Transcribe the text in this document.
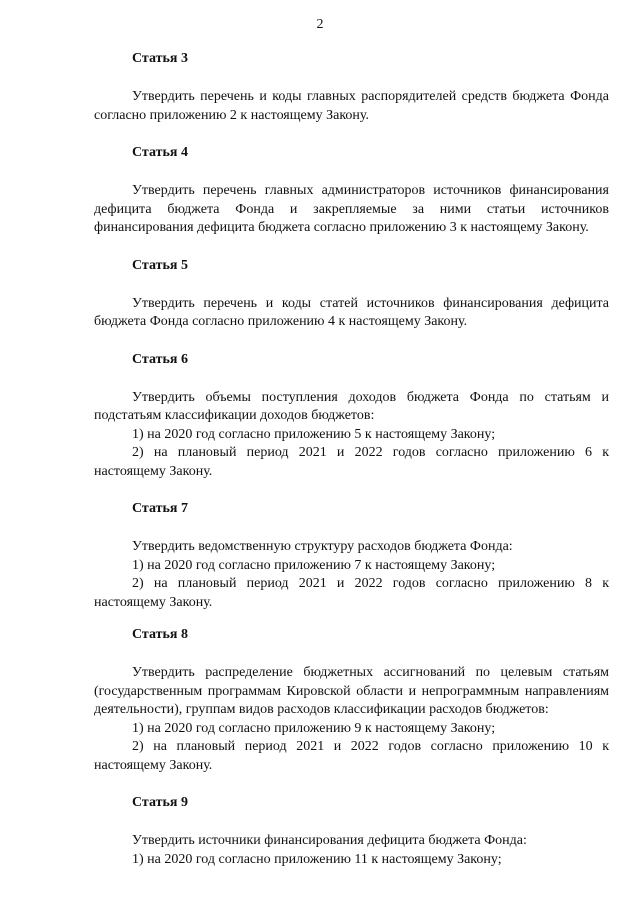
2
Статья 3

Утвердить перечень и коды главных распорядителей средств бюджета Фонда согласно приложению 2 к настоящему Закону.

Статья 4

Утвердить перечень главных администраторов источников финансирования дефицита бюджета Фонда и закрепляемые за ними статьи источников финансирования дефицита бюджета согласно приложению 3 к настоящему Закону.

Статья 5

Утвердить перечень и коды статей источников финансирования дефицита бюджета Фонда согласно приложению 4 к настоящему Закону.

Статья 6

Утвердить объемы поступления доходов бюджета Фонда по статьям и подстатьям классификации доходов бюджетов:

1) на 2020 год согласно приложению 5 к настоящему Закону;

2) на плановый период 2021 и 2022 годов согласно приложению 6 к настоящему Закону.

Статья 7

Утвердить ведомственную структуру расходов бюджета Фонда:

1) на 2020 год согласно приложению 7 к настоящему Закону;

2) на плановый период 2021 и 2022 годов согласно приложению 8 к настоящему Закону.

Статья 8

Утвердить распределение бюджетных ассигнований по целевым статьям (государственным программам Кировской области и непрограммным направлениям деятельности), группам видов расходов классификации расходов бюджетов:

1) на 2020 год согласно приложению 9 к настоящему Закону;

2) на плановый период 2021 и 2022 годов согласно приложению 10 к настоящему Закону.

Статья 9

Утвердить источники финансирования дефицита бюджета Фонда:

1) на 2020 год согласно приложению 11 к настоящему Закону;
